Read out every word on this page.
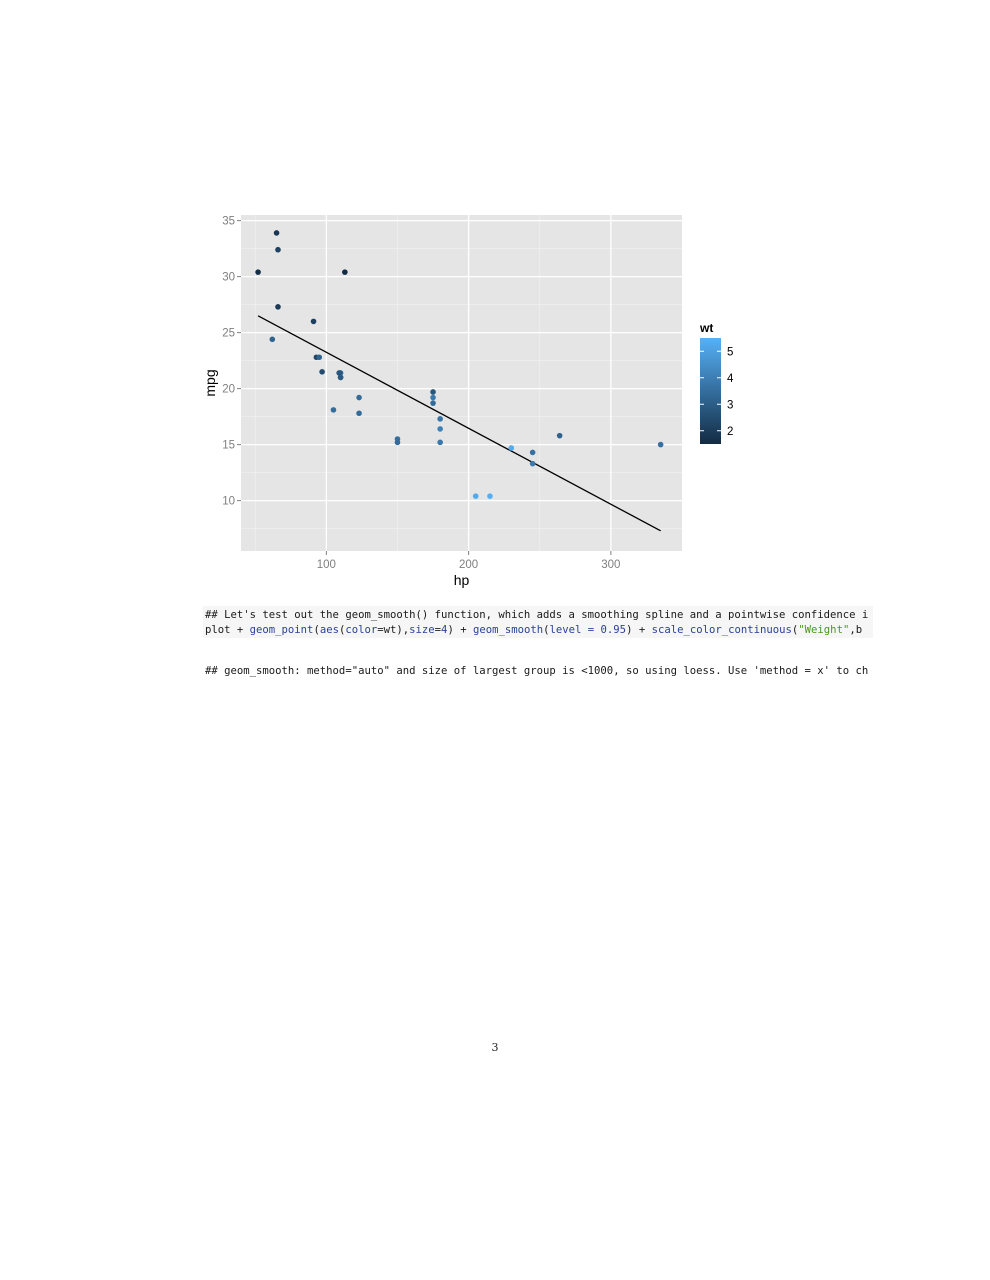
10
15
20
25
30
35
100	200	300
hp
mpg
wt
2
3
4
5
## Let's test out the geom_smooth() function, which adds a smoothing spline and a pointwise confidence i
plot + geom_point(aes(color=wt),size=4) + geom_smooth(level = 0.95) + scale_color_continuous("Weight",b
## geom_smooth: method="auto" and size of largest group is <1000, so using loess. Use 'method = x' to ch
3
